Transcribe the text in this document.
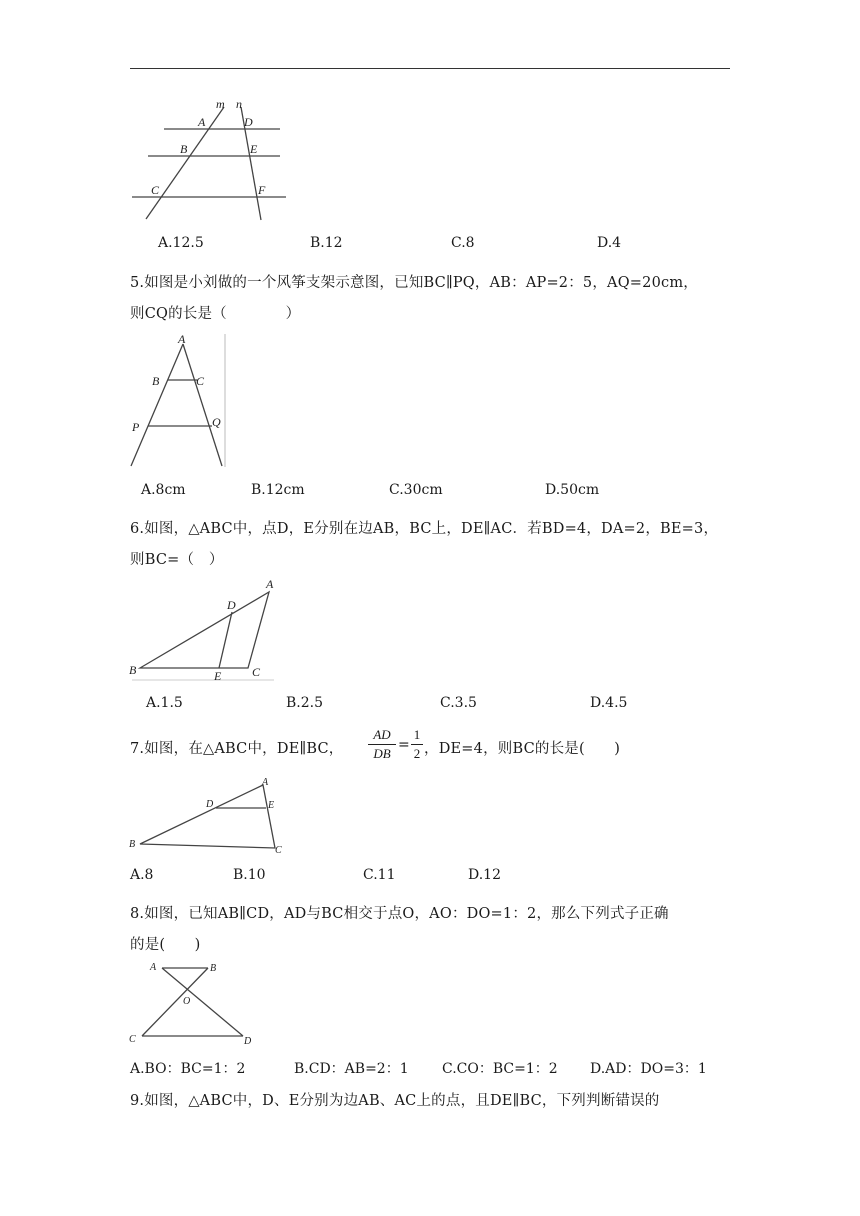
m n
A	D
B	E
C	F
A.12.5	B.12	C.8	D.4
5.如图是小刘做的一个风筝支架示意图，已知BC∥PQ，AB：AP=2：5，AQ=20cm，
则CQ的长是（　　　　）
A
B	C
P	Q
A.8cm	B.12cm	C.30cm	D.50cm
6.如图，△ABC中，点D，E分别在边AB，BC上，DE∥AC．若BD=4，DA=2，BE=3，
则BC=（　）
A
D
B	E	C
A.1.5	B.2.5	C.3.5	D.4.5
7.如图，在△ABC中，DE∥BC，
AD
DB
=
1
2 ，DE=4，则BC的长是(　　)
A
D	E
B
C
A.8	B.10	C.11	D.12
8.如图，已知AB∥CD，AD与BC相交于点O，AO：DO=1：2，那么下列式子正确
的是(　　)
A	B
O
C	D
A.BO：BC=1：2	B.CD：AB=2：1 C.CO：BC=1：2 D.AD：DO=3：1
9.如图，△ABC中，D、E分别为边AB、AC上的点，且DE∥BC，下列判断错误的
